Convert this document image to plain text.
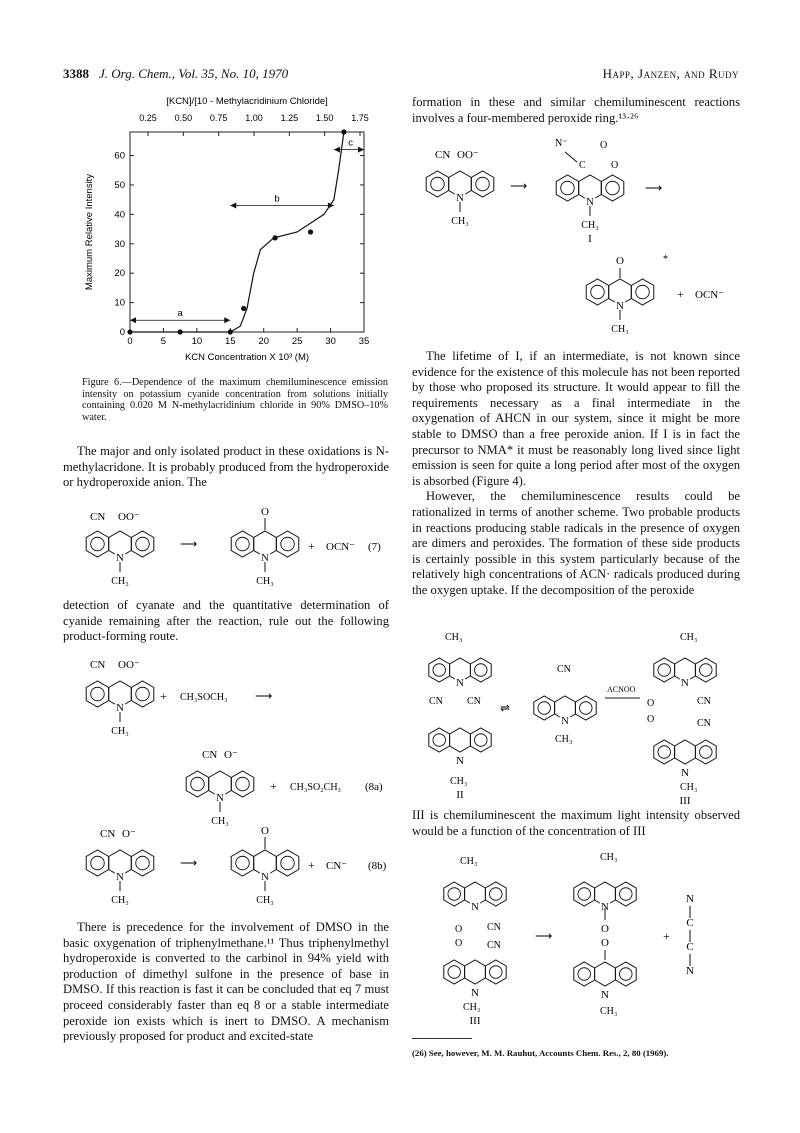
3388 J. Org. Chem., Vol. 35, No. 10, 1970	Happ, Janzen, and Rudy
[KCN]/[10 - Methylacridinium Chloride]
0.25 0.50 0.75 1.00 1.25 1.50 1.75
0	5	10 15 20 25 30 35
0
10
20
30
40
50
60
KCN Concentration X 10³ (M)
Maximum Relative Intensity
a
b
c
Figure 6.—Dependence of the maximum chemiluminescence emission intensity on potassium cyanide concentration from solutions initially containing 0.020 M N-methylacridinium chloride in 90% DMSO–10% water.

The major and only isolated product in these oxidations is N-methylacridone. It is probably produced from the hydroperoxide or hydroperoxide anion. The

N
CN OO⁻
CH₃
⟶
N
O
CH₃
+ OCN⁻ (7)

detection of cyanate and the quantitative determination of cyanide remaining after the reaction, rule out the following product-forming route.

N
CN OO⁻
CH₃
+ CH₃SOCH₃ ⟶
N
CN O⁻
CH₃
+ CH₃SO₂CH₃ (8a)
N
CN O⁻
CH₃
⟶
N
O
CH₃
+ CN⁻ (8b)

There is precedence for the involvement of DMSO in the basic oxygenation of triphenylmethane.¹¹ Thus triphenylmethyl hydroperoxide is converted to the carbinol in 94% yield with production of dimethyl sulfone in the presence of base in DMSO. If this reaction is fast it can be concluded that eq 7 must proceed considerably faster than eq 8 or a stable intermediate peroxide ion exists which is inert to DMSO. A mechanism previously proposed for product and excited-state

formation in these and similar chemiluminescent reactions involves a four-membered peroxide ring.¹³·²⁶

N
CN OO⁻
CH₃
⟶
N
N⁻
C
O
O
CH₃
I
⟶
N
O	*
CH₃
+ OCN⁻

The lifetime of I, if an intermediate, is not known since evidence for the existence of this molecule has not been reported by those who proposed its structure. It would appear to fill the requirements necessary as a final intermediate in the oxygenation of AHCN in our system, since it might be more stable to DMSO than a free peroxide anion. If I is in fact the precursor to NMA* it must be reasonably long lived since light emission is seen for quite a long period after most of the oxygen is absorbed (Figure 4).

However, the chemiluminescence results could be rationalized in terms of another scheme. Two probable products in reactions producing stable radicals in the presence of oxygen are dimers and peroxides. The formation of these side products is certainly possible in this system particularly because of the relatively high concentrations of ACN· radicals produced during the oxygen uptake. If the decomposition of the peroxide

CH₃
N
N
CN CN
CH₃
II
⇌
N
CN
CH₃
ACNOO
CH₃
N
O
O
CN
CN
N
CH₃
III

III is chemiluminescent the maximum light intensity observed would be a function of the concentration of III

CH₃
N
O
O
CN
CN
N
CH₃
III
⟶
CH₃
N
O
O
N
CH₃
+
N
C
C
N
(26) See, however, M. M. Rauhut, Accounts Chem. Res., 2, 80 (1969).
